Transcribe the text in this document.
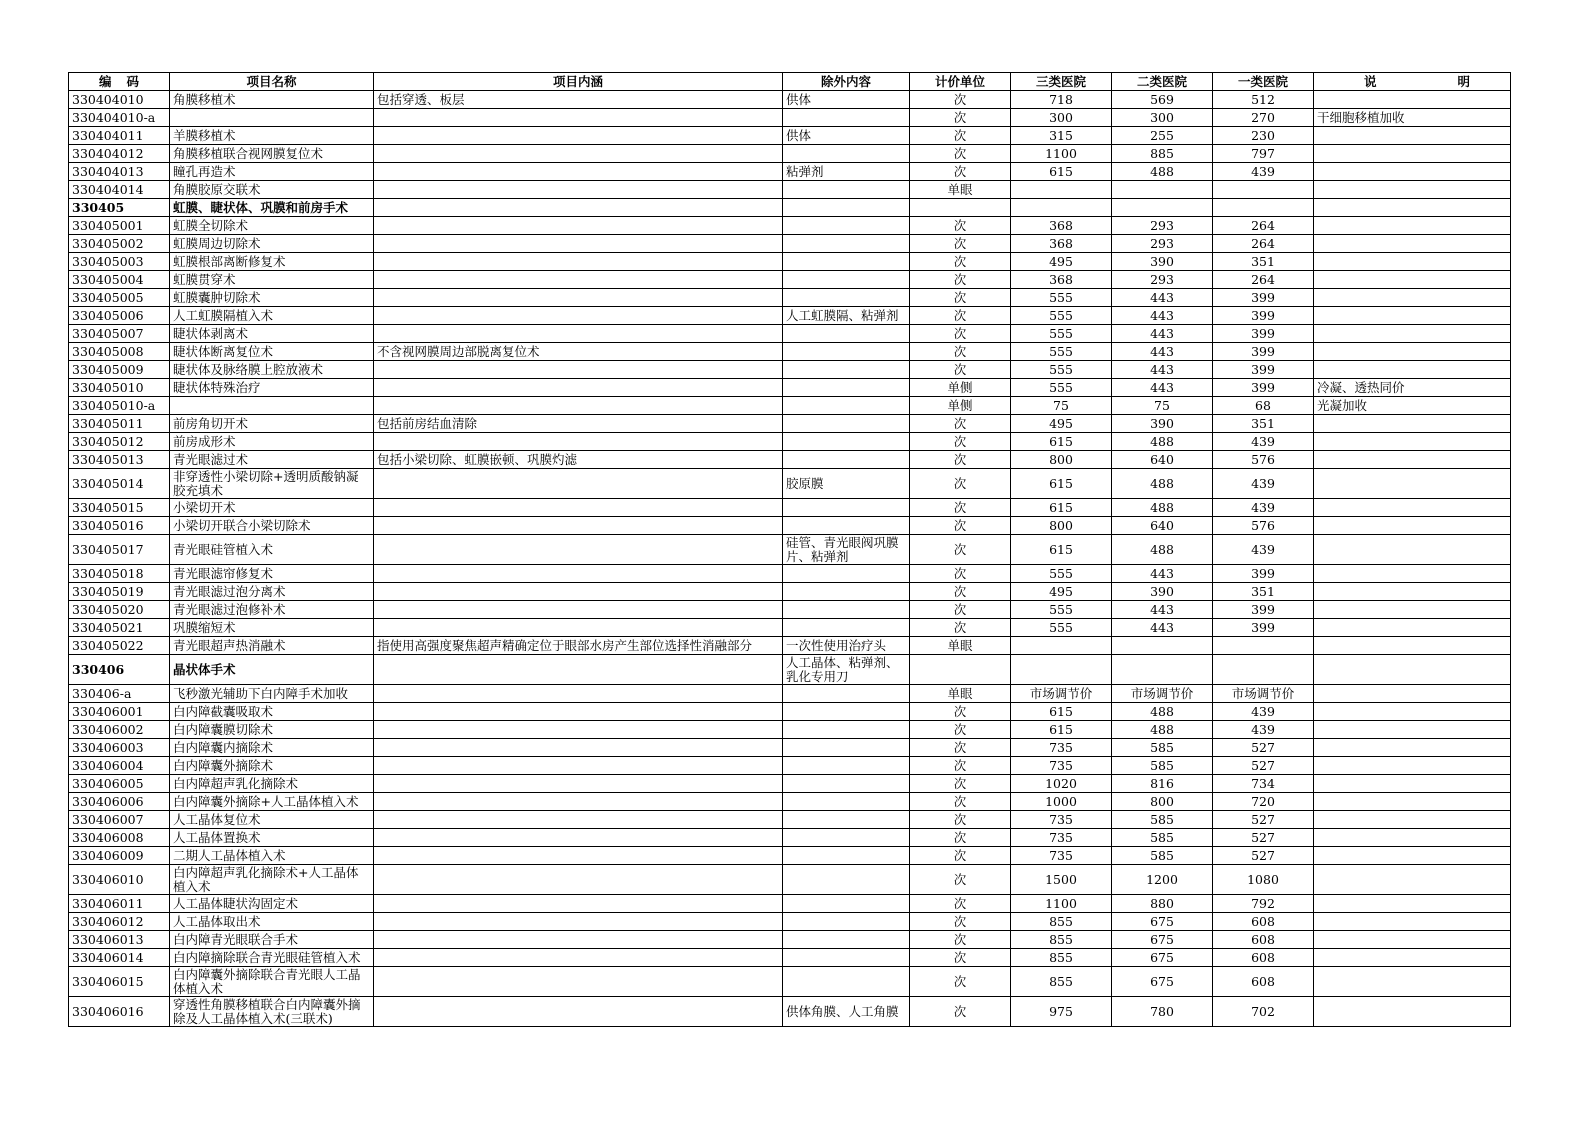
编　码	项目名称	项目内涵	除外内容	计价单位	三类医院	二类医院	一类医院	说　　明
330404010	角膜移植术	包括穿透、板层	供体	次	718	569	512	
330404010-a				次	300	300	270	干细胞移植加收
330404011	羊膜移植术		供体	次	315	255	230	
330404012	角膜移植联合视网膜复位术			次	1100	885	797	
330404013	瞳孔再造术		粘弹剂	次	615	488	439	
330404014	角膜胶原交联术			单眼				
330405	虹膜、睫状体、巩膜和前房手术							
330405001	虹膜全切除术			次	368	293	264	
330405002	虹膜周边切除术			次	368	293	264	
330405003	虹膜根部离断修复术			次	495	390	351	
330405004	虹膜贯穿术			次	368	293	264	
330405005	虹膜囊肿切除术			次	555	443	399	
330405006	人工虹膜隔植入术		人工虹膜隔、粘弹剂	次	555	443	399	
330405007	睫状体剥离术			次	555	443	399	
330405008	睫状体断离复位术	不含视网膜周边部脱离复位术		次	555	443	399	
330405009	睫状体及脉络膜上腔放液术			次	555	443	399	
330405010	睫状体特殊治疗			单侧	555	443	399	冷凝、透热同价
330405010-a				单侧	75	75	68	光凝加收
330405011	前房角切开术	包括前房结血清除		次	495	390	351	
330405012	前房成形术			次	615	488	439	
330405013	青光眼滤过术	包括小梁切除、虹膜嵌顿、巩膜灼滤		次	800	640	576	
330405014	非穿透性小梁切除+透明质酸钠凝胶充填术		胶原膜	次	615	488	439	
330405015	小梁切开术			次	615	488	439	
330405016	小梁切开联合小梁切除术			次	800	640	576	
330405017	青光眼硅管植入术		硅管、青光眼阀巩膜片、粘弹剂	次	615	488	439	
330405018	青光眼滤帘修复术			次	555	443	399	
330405019	青光眼滤过泡分离术			次	495	390	351	
330405020	青光眼滤过泡修补术			次	555	443	399	
330405021	巩膜缩短术			次	555	443	399	
330405022	青光眼超声热消融术	指使用高强度聚焦超声精确定位于眼部水房产生部位选择性消融部分	一次性使用治疗头	单眼				
330406	晶状体手术		人工晶体、粘弹剂、乳化专用刀					
330406-a	飞秒激光辅助下白内障手术加收			单眼	市场调节价	市场调节价	市场调节价	
330406001	白内障截囊吸取术			次	615	488	439	
330406002	白内障囊膜切除术			次	615	488	439	
330406003	白内障囊内摘除术			次	735	585	527	
330406004	白内障囊外摘除术			次	735	585	527	
330406005	白内障超声乳化摘除术			次	1020	816	734	
330406006	白内障囊外摘除+人工晶体植入术			次	1000	800	720	
330406007	人工晶体复位术			次	735	585	527	
330406008	人工晶体置换术			次	735	585	527	
330406009	二期人工晶体植入术			次	735	585	527	
330406010	白内障超声乳化摘除术+人工晶体植入术			次	1500	1200	1080	
330406011	人工晶体睫状沟固定术			次	1100	880	792	
330406012	人工晶体取出术			次	855	675	608	
330406013	白内障青光眼联合手术			次	855	675	608	
330406014	白内障摘除联合青光眼硅管植入术			次	855	675	608	
330406015	白内障囊外摘除联合青光眼人工晶体植入术			次	855	675	608	
330406016	穿透性角膜移植联合白内障囊外摘除及人工晶体植入术(三联术)		供体角膜、人工角膜	次	975	780	702	
